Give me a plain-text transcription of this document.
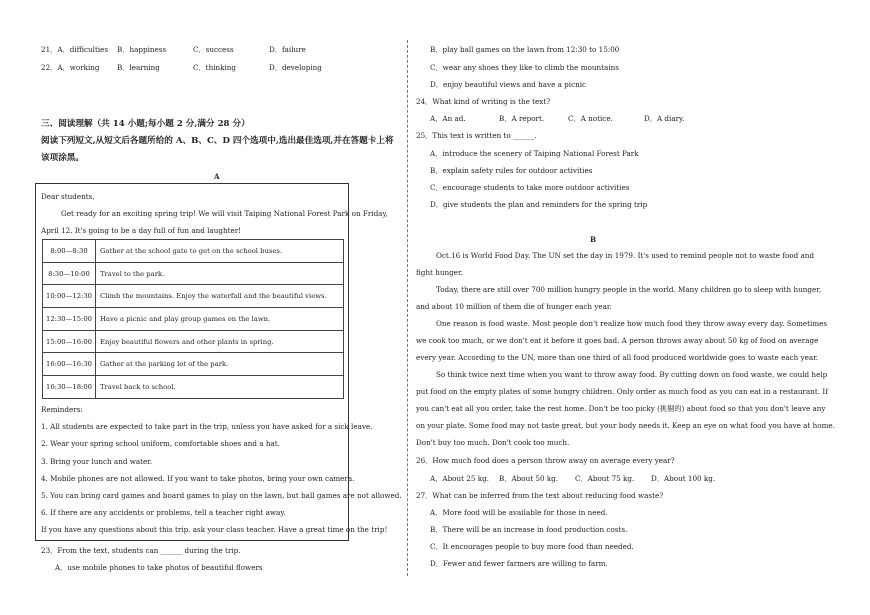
21．A．difficulties B．happiness	C．success	D．failure
22．A．working B．learning	C．thinking	D．developing
三、阅读理解（共 14 小题;每小题 2 分,满分 28 分）
阅读下列短文,从短文后各题所给的 A、B、C、D 四个选项中,选出最佳选项,并在答题卡上将
该项涂黑。
A
Dear students,
Get ready for an exciting spring trip! We will visit Taiping National Forest Park on Friday,
April 12. It's going to be a day full of fun and laughter!
8:00—8:30	Gather at the school gate to get on the school buses.
8:30—10:00	Travel to the park.
10:00—12:30	Climb the mountains. Enjoy the waterfall and the beautiful views.
12:30—15:00	Have a picnic and play group games on the lawn.
15:00—16:00	Enjoy beautiful flowers and other plants in spring.
16:00—16:30	Gather at the parking lot of the park.
16:30—18:00	Travel back to school.
Reminders:
1. All students are expected to take part in the trip, unless you have asked for a sick leave.
2. Wear your spring school uniform, comfortable shoes and a hat.
3. Bring your lunch and water.
4. Mobile phones are not allowed. If you want to take photos, bring your own camera.
5. You can bring card games and board games to play on the lawn, but ball games are not allowed.
6. If there are any accidents or problems, tell a teacher right away.
If you have any questions about this trip, ask your class teacher. Have a great time on the trip!
23．From the text, students can ______ during the trip.
A．use mobile phones to take photos of beautiful flowers
B．play ball games on the lawn from 12:30 to 15:00
C．wear any shoes they like to climb the mountains
D．enjoy beautiful views and have a picnic
24．What kind of writing is the text?
A．An ad.	B．A report.	C．A notice.	D．A diary.
25．This text is written to ______.
A．introduce the scenery of Taiping National Forest Park
B．explain safety rules for outdoor activities
C．encourage students to take more outdoor activities
D．give students the plan and reminders for the spring trip
B
Oct.16 is World Food Day. The UN set the day in 1979. It's used to remind people not to waste food and
fight hunger.
Today, there are still over 700 million hungry people in the world. Many children go to sleep with hunger,
and about 10 million of them die of hunger each year.
One reason is food waste. Most people don't realize how much food they throw away every day. Sometimes
we cook too much, or we don't eat it before it goes bad. A person throws away about 50 kg of food on average
every year. According to the UN, more than one third of all food produced worldwide goes to waste each year.
So think twice next time when you want to throw away food. By cutting down on food waste, we could help
put food on the empty plates of some hungry children. Only order as much food as you can eat in a restaurant. If
you can't eat all you order, take the rest home. Don't be too picky (挑剔的) about food so that you don't leave any
on your plate. Some food may not taste great, but your body needs it. Keep an eye on what food you have at home.
Don't buy too much. Don't cook too much.
26．How much food does a person throw away on average every year?
A．About 25 kg. B．About 50 kg. C．About 75 kg. D．About 100 kg.
27．What can be inferred from the text about reducing food waste?
A．More food will be available for those in need.
B．There will be an increase in food production costs.
C．It encourages people to buy more food than needed.
D．Fewer and fewer farmers are willing to farm.
